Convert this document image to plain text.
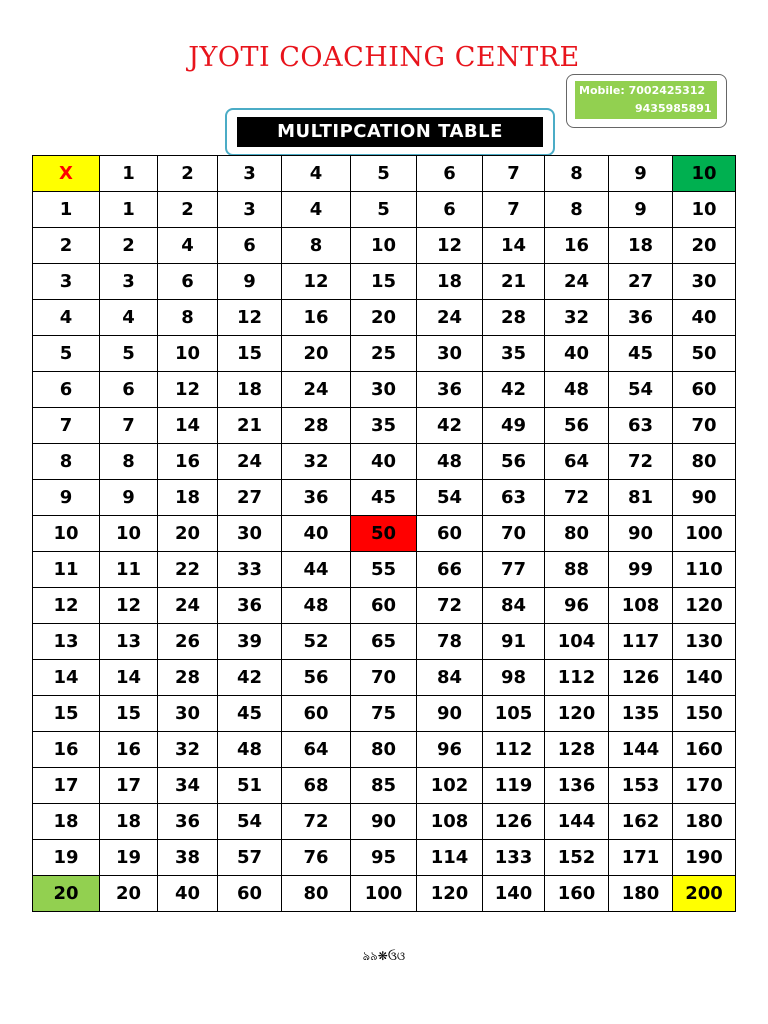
JYOTI COACHING CENTRE
Mobile: 7002425312
9435985891
MULTIPCATION TABLE
X	1	2	3	4	5	6	7	8	9	10
1	1	2	3	4	5	6	7	8	9	10
2	2	4	6	8	10	12	14	16	18	20
3	3	6	9	12	15	18	21	24	27	30
4	4	8	12	16	20	24	28	32	36	40
5	5	10	15	20	25	30	35	40	45	50
6	6	12	18	24	30	36	42	48	54	60
7	7	14	21	28	35	42	49	56	63	70
8	8	16	24	32	40	48	56	64	72	80
9	9	18	27	36	45	54	63	72	81	90
10	10	20	30	40	50	60	70	80	90	100
11	11	22	33	44	55	66	77	88	99	110
12	12	24	36	48	60	72	84	96	108	120
13	13	26	39	52	65	78	91	104	117	130
14	14	28	42	56	70	84	98	112	126	140
15	15	30	45	60	75	90	105	120	135	150
16	16	32	48	64	80	96	112	128	144	160
17	17	34	51	68	85	102	119	136	153	170
18	18	36	54	72	90	108	126	144	162	180
19	19	38	57	76	95	114	133	152	171	190
20	20	40	60	80	100	120	140	160	180	200
ঌ৯❋ઉଓ
